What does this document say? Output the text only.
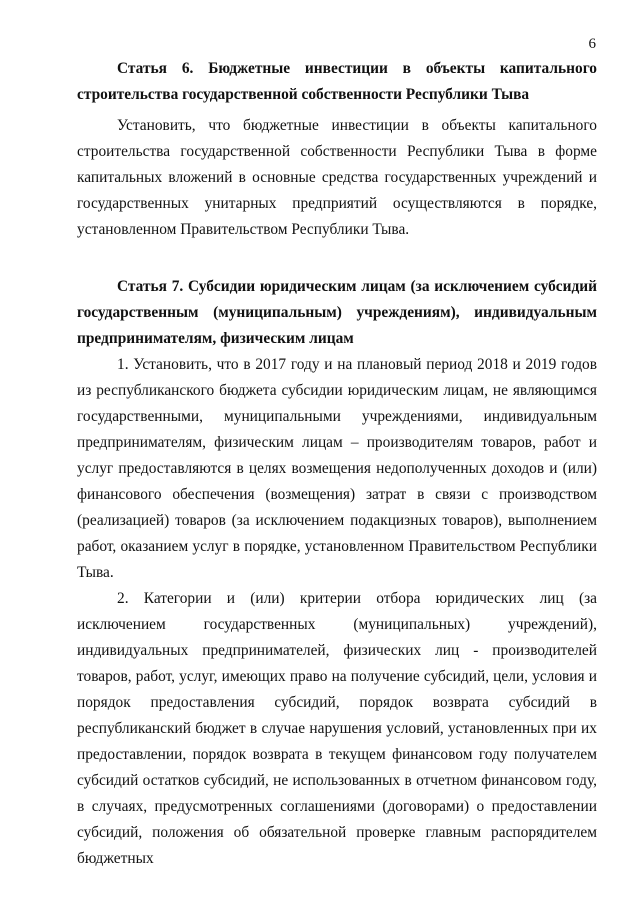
6

Статья 6. Бюджетные инвестиции в объекты капитального строительства государственной собственности Республики Тыва

Установить, что бюджетные инвестиции в объекты капитального строительства государственной собственности Республики Тыва в форме капитальных вложений в основные средства государственных учреждений и государственных унитарных предприятий осуществляются в порядке, установленном Правительством Республики Тыва.

Статья 7. Субсидии юридическим лицам (за исключением субсидий государственным (муниципальным) учреждениям), индивидуальным предпринимателям, физическим лицам

1. Установить, что в 2017 году и на плановый период 2018 и 2019 годов из республиканского бюджета субсидии юридическим лицам, не являющимся государственными, муниципальными учреждениями, индивидуальным предпринимателям, физическим лицам – производителям товаров, работ и услуг предоставляются в целях возмещения недополученных доходов и (или) финансового обеспечения (возмещения) затрат в связи с производством (реализацией) товаров (за исключением подакцизных товаров), выполнением работ, оказанием услуг в порядке, установленном Правительством Республики Тыва.

2. Категории и (или) критерии отбора юридических лиц (за исключением государственных (муниципальных) учреждений), индивидуальных предпринимателей, физических лиц - производителей товаров, работ, услуг, имеющих право на получение субсидий, цели, условия и порядок предоставления субсидий, порядок возврата субсидий в республиканский бюджет в случае нарушения условий, установленных при их предоставлении, порядок возврата в текущем финансовом году получателем субсидий остатков субсидий, не использованных в отчетном финансовом году, в случаях, предусмотренных соглашениями (договорами) о предоставлении субсидий, положения об обязательной проверке главным распорядителем бюджетных
